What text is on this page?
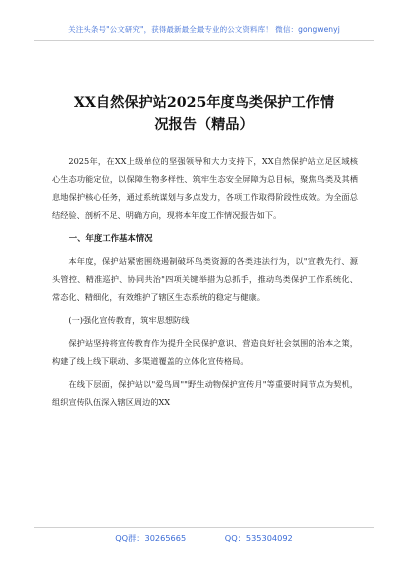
关注头条号"公文研究"，获得最新最全最专业的公文资料库！ 微信：gongwenyj
XX自然保护站2025年度鸟类保护工作情
况报告（精品）

2025年，在XX上级单位的坚强领导和大力支持下，XX自然保护站立足区域核心生态功能定位，以保障生物多样性、筑牢生态安全屏障为总目标，聚焦鸟类及其栖息地保护核心任务，通过系统谋划与多点发力，各项工作取得阶段性成效。为全面总结经验、剖析不足、明确方向，现将本年度工作情况报告如下。

一、年度工作基本情况

本年度，保护站紧密围绕遏制破坏鸟类资源的各类违法行为，以"宣教先行、源头管控、精准巡护、协同共治"四项关键举措为总抓手，推动鸟类保护工作系统化、常态化、精细化，有效维护了辖区生态系统的稳定与健康。

(一)强化宣传教育，筑牢思想防线

保护站坚持将宣传教育作为提升全民保护意识、营造良好社会氛围的治本之策，构建了线上线下联动、多渠道覆盖的立体化宣传格局。

在线下层面，保护站以"爱鸟周""野生动物保护宣传月"等重要时间节点为契机，组织宣传队伍深入辖区周边的XX

QQ群：30265665	QQ：535304092
